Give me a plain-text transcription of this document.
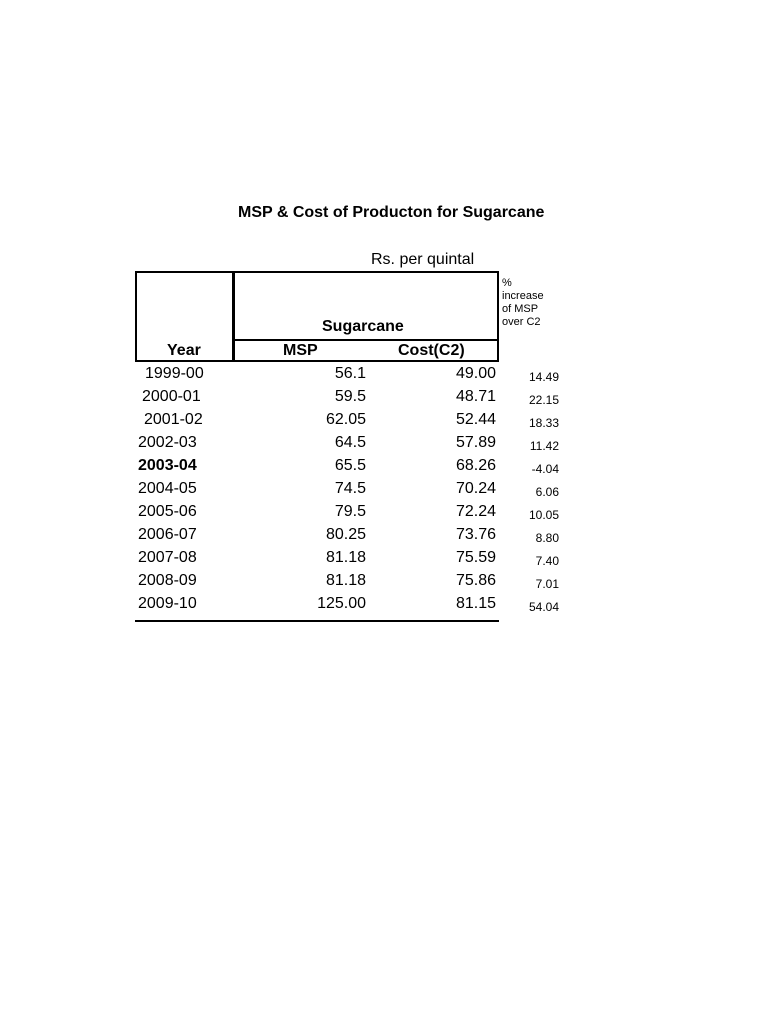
MSP & Cost of Producton for Sugarcane
Rs. per quintal
Sugarcane
Year	MSP	Cost(C2)
%
increase
of MSP
over C2
1999-00	56.1	49.00	14.49
2000-01	59.5	48.71	22.15
2001-02	62.05	52.44	18.33
2002-03	64.5	57.89	11.42
2003-04	65.5	68.26	-4.04
2004-05	74.5	70.24	6.06
2005-06	79.5	72.24	10.05
2006-07	80.25	73.76	8.80
2007-08	81.18	75.59	7.40
2008-09	81.18	75.86	7.01
2009-10	125.00	81.15	54.04
